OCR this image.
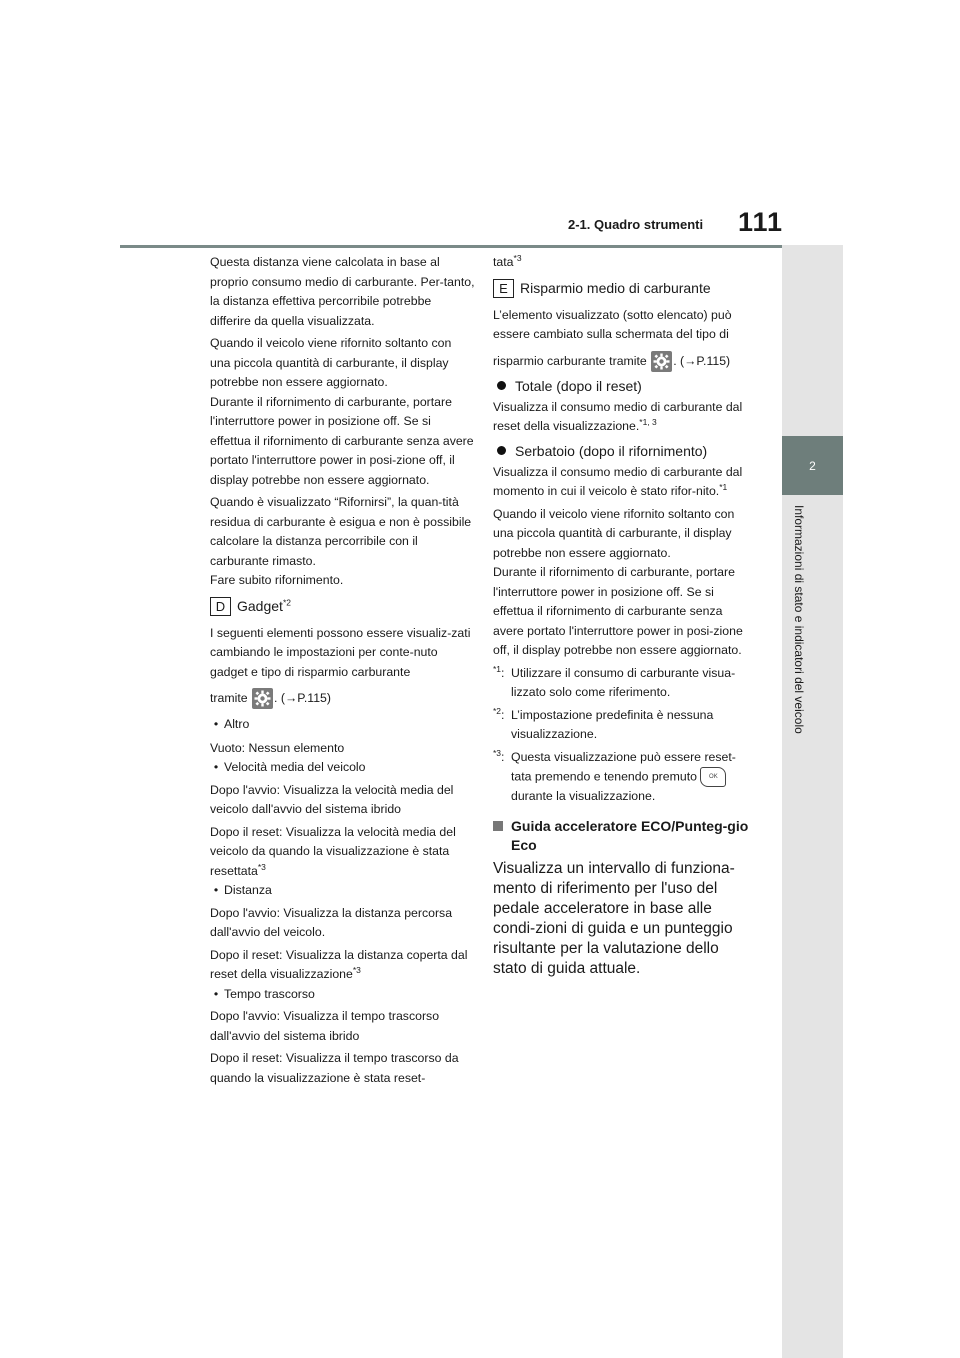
2-1. Quadro strumenti 111
2
Informazioni di stato e indicatori del veicolo

Questa distanza viene calcolata in base al proprio consumo medio di carburante. Per-tanto, la distanza effettiva percorribile potrebbe differire da quella visualizzata.

Quando il veicolo viene rifornito soltanto con una piccola quantità di carburante, il display potrebbe non essere aggiornato.

Durante il rifornimento di carburante, portare l'interruttore power in posizione off. Se si effettua il rifornimento di carburante senza avere portato l'interruttore power in posi-zione off, il display potrebbe non essere aggiornato.

Quando è visualizzato “Rifornirsi”, la quan-tità residua di carburante è esigua e non è possibile calcolare la distanza percorribile con il carburante rimasto.

Fare subito rifornimento.

D Gadget$^{*2}$

I seguenti elementi possono essere visualiz-zati cambiando le impostazioni per conte-nuto gadget e tipo di risparmio carburante

tramite . (→P.115)

• Altro

Vuoto: Nessun elemento

• Velocità media del veicolo

Dopo l'avvio: Visualizza la velocità media del veicolo dall'avvio del sistema ibrido

Dopo il reset: Visualizza la velocità media del veicolo da quando la visualizzazione è stata resettata$^{*3}$

• Distanza

Dopo l'avvio: Visualizza la distanza percorsa dall'avvio del veicolo.

Dopo il reset: Visualizza la distanza coperta dal reset della visualizzazione$^{*3}$

• Tempo trascorso

Dopo l'avvio: Visualizza il tempo trascorso dall'avvio del sistema ibrido

Dopo il reset: Visualizza il tempo trascorso da quando la visualizzazione è stata reset-

tata$^{*3}$

E Risparmio medio di carburante

L’elemento visualizzato (sotto elencato) può essere cambiato sulla schermata del tipo di

risparmio carburante tramite . (→P.115)

Totale (dopo il reset)

Visualizza il consumo medio di carburante dal reset della visualizzazione.$^{*1, 3}$

Serbatoio (dopo il rifornimento)

Visualizza il consumo medio di carburante dal momento in cui il veicolo è stato rifor-nito.$^{*1}$

Quando il veicolo viene rifornito soltanto con una piccola quantità di carburante, il display potrebbe non essere aggiornato.

Durante il rifornimento di carburante, portare l'interruttore power in posizione off. Se si effettua il rifornimento di carburante senza avere portato l'interruttore power in posi-zione off, il display potrebbe non essere aggiornato.

$^{*1}$: Utilizzare il consumo di carburante visua-lizzato solo come riferimento.
$^{*2}$: L’impostazione predefinita è nessuna visualizzazione.
$^{*3}$: Questa visualizzazione può essere reset-tata premendo e tenendo premuto OK
durante la visualizzazione.
Guida acceleratore ECO/Punteg-gio Eco

Visualizza un intervallo di funziona-mento di riferimento per l'uso del pedale acceleratore in base alle condi-zioni di guida e un punteggio risultante per la valutazione dello stato di guida attuale.
